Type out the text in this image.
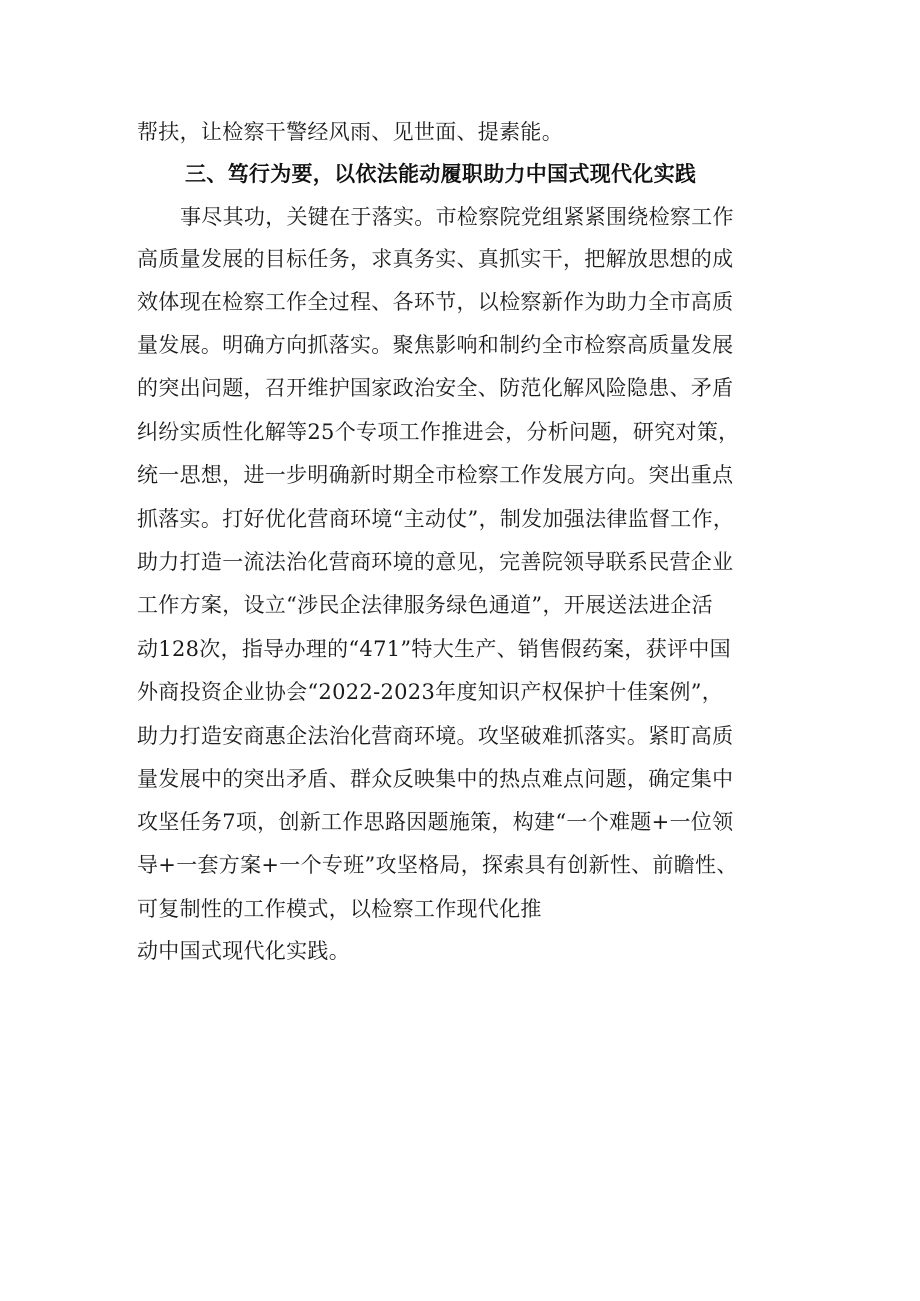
帮扶，让检察干警经风雨、见世面、提素能。
三、笃行为要，以依法能动履职助力中国式现代化实践
事尽其功，关键在于落实。市检察院党组紧紧围绕检察工作
高质量发展的目标任务，求真务实、真抓实干，把解放思想的成
效体现在检察工作全过程、各环节，以检察新作为助力全市高质
量发展。明确方向抓落实。聚焦影响和制约全市检察高质量发展
的突出问题，召开维护国家政治安全、防范化解风险隐患、矛盾
纠纷实质性化解等25个专项工作推进会，分析问题，研究对策，
统一思想，进一步明确新时期全市检察工作发展方向。突出重点
抓落实。打好优化营商环境“主动仗”，制发加强法律监督工作，
助力打造一流法治化营商环境的意见，完善院领导联系民营企业
工作方案，设立“涉民企法律服务绿色通道”，开展送法进企活
动128次，指导办理的“471”特大生产、销售假药案，获评中国
外商投资企业协会“2022-2023年度知识产权保护十佳案例”，
助力打造安商惠企法治化营商环境。攻坚破难抓落实。紧盯高质
量发展中的突出矛盾、群众反映集中的热点难点问题，确定集中
攻坚任务7项，创新工作思路因题施策，构建“一个难题+一位领
导+一套方案+一个专班”攻坚格局，探索具有创新性、前瞻性、
可复制性的工作模式，以检察工作现代化推
动中国式现代化实践。
